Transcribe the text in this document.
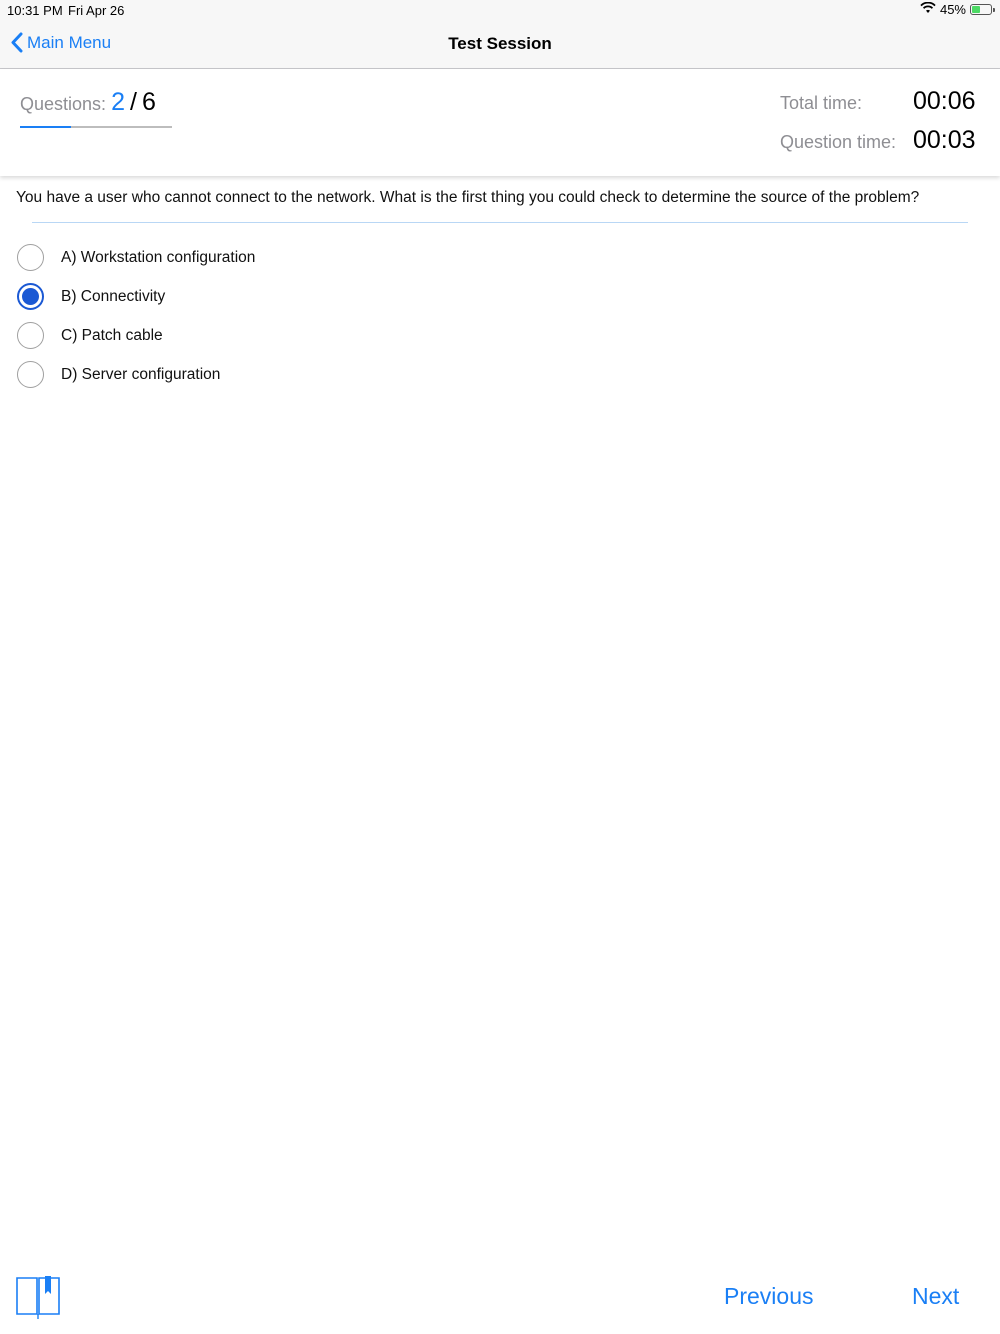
10:31 PM Fri Apr 26	45%
Main Menu	Test Session
Questions: 2 / 6	Total time: 00:06
Question time: 00:03
You have a user who cannot connect to the network. What is the first thing you could check to determine the source of the problem?
A) Workstation configuration
B) Connectivity
C) Patch cable
D) Server configuration
Previous	Next
